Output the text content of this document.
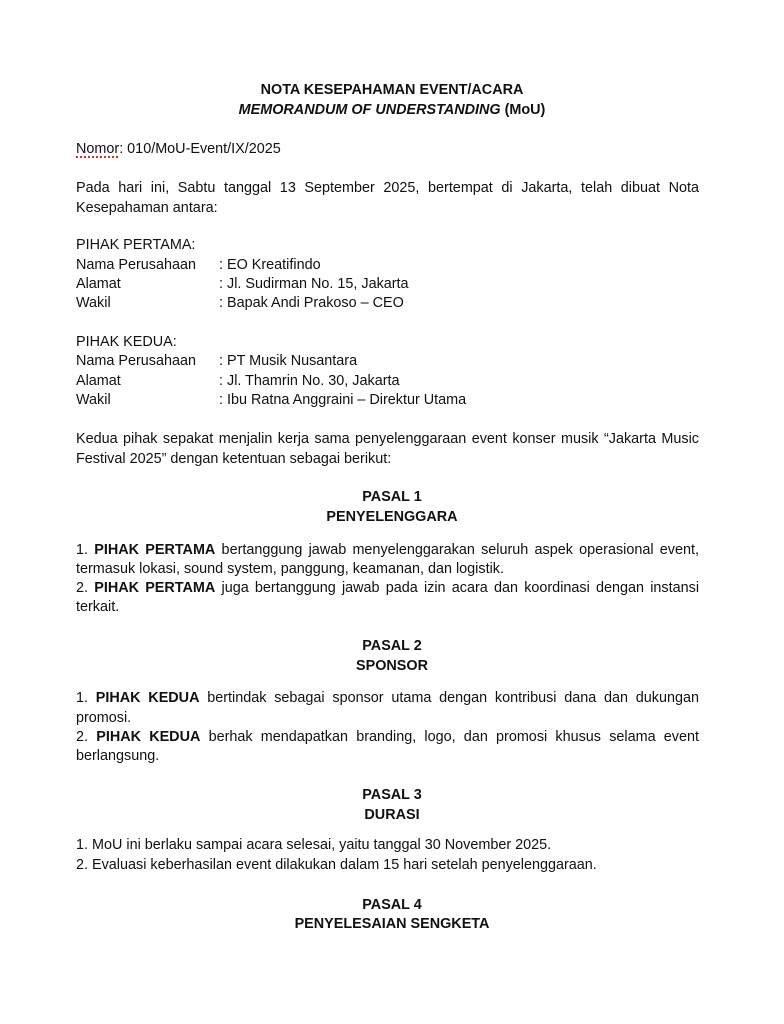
NOTA KESEPAHAMAN EVENT/ACARA
MEMORANDUM OF UNDERSTANDING (MoU)
Nomor: 010/MoU-Event/IX/2025
Pada hari ini, Sabtu tanggal 13 September 2025, bertempat di Jakarta, telah dibuat Nota
Kesepahaman antara:
PIHAK PERTAMA:
Nama Perusahaan : EO Kreatifindo
Alamat	: Jl. Sudirman No. 15, Jakarta
Wakil	: Bapak Andi Prakoso – CEO
PIHAK KEDUA:
Nama Perusahaan : PT Musik Nusantara
Alamat	: Jl. Thamrin No. 30, Jakarta
Wakil	: Ibu Ratna Anggraini – Direktur Utama
Kedua pihak sepakat menjalin kerja sama penyelenggaraan event konser musik “Jakarta Music
Festival 2025” dengan ketentuan sebagai berikut:
PASAL 1
PENYELENGGARA
1. PIHAK PERTAMA bertanggung jawab menyelenggarakan seluruh aspek operasional event,
termasuk lokasi, sound system, panggung, keamanan, dan logistik.
2. PIHAK PERTAMA juga bertanggung jawab pada izin acara dan koordinasi dengan instansi
terkait.
PASAL 2
SPONSOR
1. PIHAK KEDUA bertindak sebagai sponsor utama dengan kontribusi dana dan dukungan
promosi.
2. PIHAK KEDUA berhak mendapatkan branding, logo, dan promosi khusus selama event
berlangsung.
PASAL 3
DURASI
1. MoU ini berlaku sampai acara selesai, yaitu tanggal 30 November 2025.
2. Evaluasi keberhasilan event dilakukan dalam 15 hari setelah penyelenggaraan.
PASAL 4
PENYELESAIAN SENGKETA
